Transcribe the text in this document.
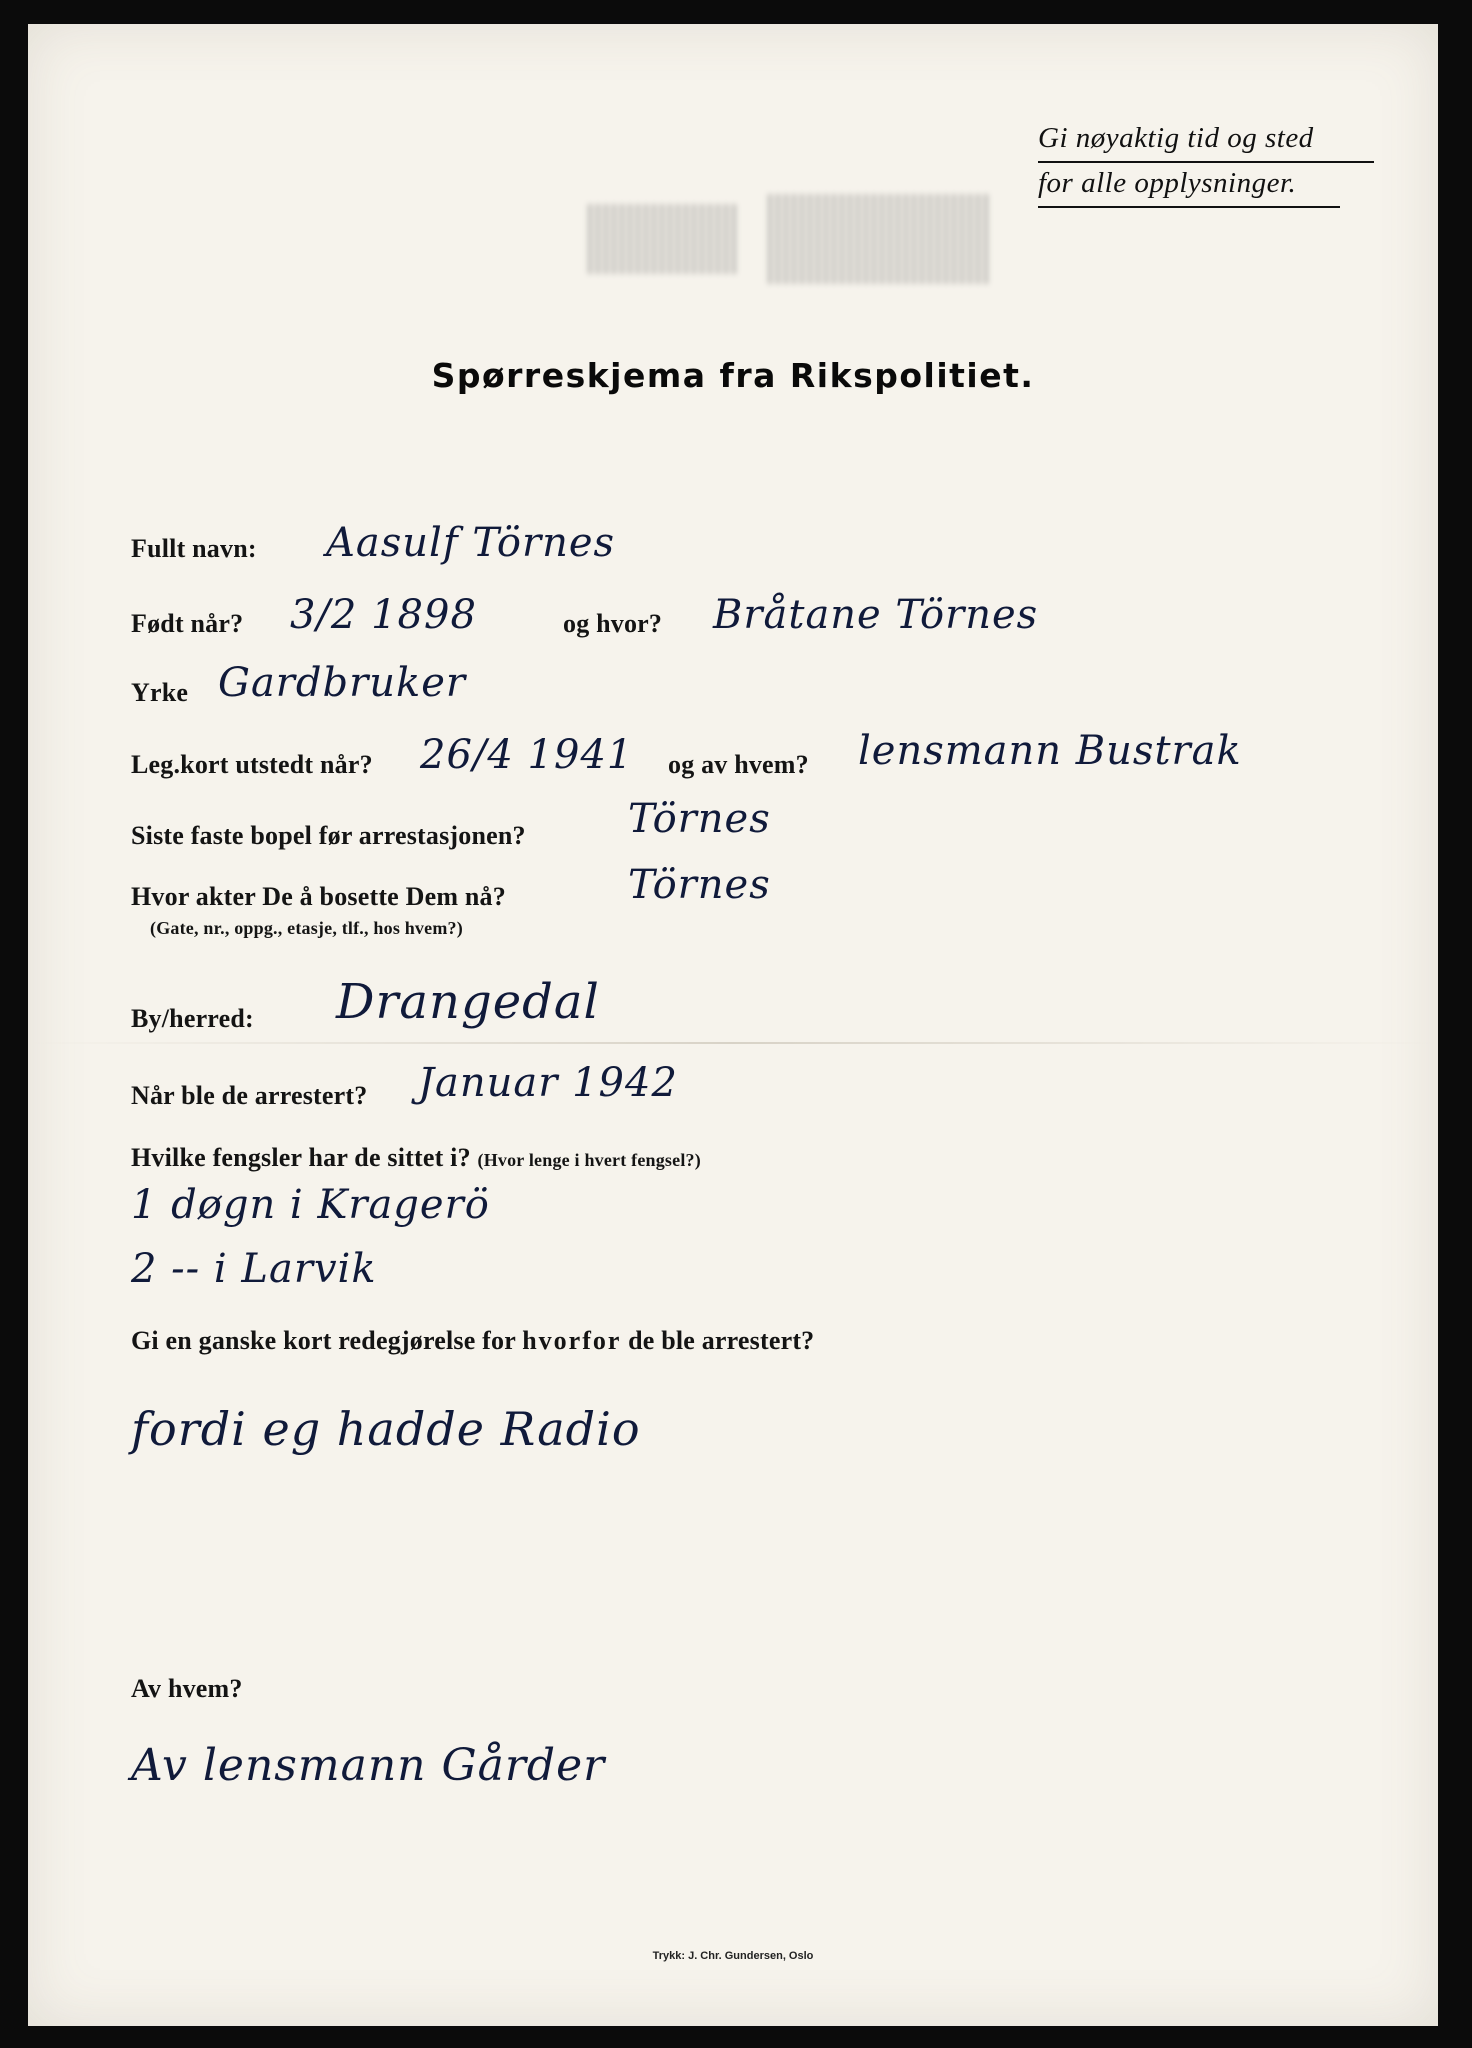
Gi nøyaktig tid og sted
for alle opplysninger.
Spørreskjema fra Rikspolitiet.
Fullt navn: Aasulf Törnes
Født når? 3/2 1898	og hvor? Bråtane Törnes
Yrke Gardbruker
Leg.kort utstedt når? 26/4 1941 og av hvem? lensmann Bustrak
Siste faste bopel før arrestasjonen?	Törnes
Hvor akter De å bosette Dem nå?
(Gate, nr., oppg., etasje, tlf., hos hvem?)
Törnes
By/herred: Drangedal
Når ble de arrestert? Januar 1942
Hvilke fengsler har de sittet i? (Hvor lenge i hvert fengsel?)
1 døgn i Kragerö
2 -- i Larvik
Gi en ganske kort redegjørelse for hvorfor de ble arrestert?
fordi eg hadde Radio
Av hvem?
Av lensmann Gårder
Trykk: J. Chr. Gundersen, Oslo
